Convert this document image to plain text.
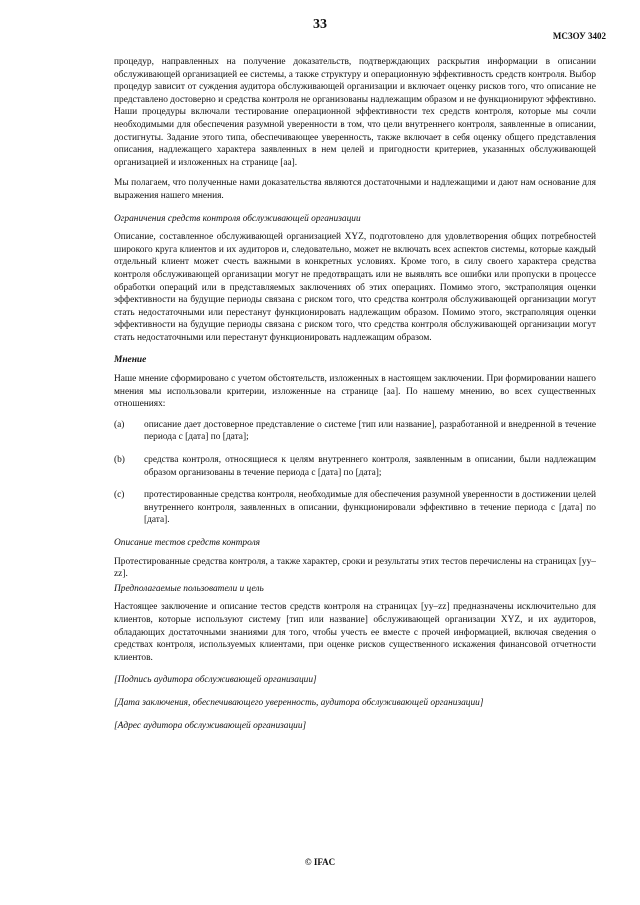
33
МСЗОУ 3402

процедур, направленных на получение доказательств, подтверждающих раскрытия информации в описании обслуживающей организацией ее системы, а также структуру и операционную эффективность средств контроля. Выбор процедур зависит от суждения аудитора обслуживающей организации и включает оценку рисков того, что описание не представлено достоверно и средства контроля не организованы надлежащим образом и не функционируют эффективно. Наши процедуры включали тестирование операционной эффективности тех средств контроля, которые мы сочли необходимыми для обеспечения разумной уверенности в том, что цели внутреннего контроля, заявленные в описании, достигнуты. Задание этого типа, обеспечивающее уверенность, также включает в себя оценку общего представления описания, надлежащего характера заявленных в нем целей и пригодности критериев, указанных обслуживающей организацией и изложенных на странице [аа].

Мы полагаем, что полученные нами доказательства являются достаточными и надлежащими и дают нам основание для выражения нашего мнения.

Ограничения средств контроля обслуживающей организации

Описание, составленное обслуживающей организацией XYZ, подготовлено для удовлетворения общих потребностей широкого круга клиентов и их аудиторов и, следовательно, может не включать всех аспектов системы, которые каждый отдельный клиент может счесть важными в конкретных условиях. Кроме того, в силу своего характера средства контроля обслуживающей организации могут не предотвращать или не выявлять все ошибки или пропуски в процессе обработки операций или в представляемых заключениях об этих операциях. Помимо этого, экстраполяция оценки эффективности на будущие периоды связана с риском того, что средства контроля обслуживающей организации могут стать недостаточными или перестанут функционировать надлежащим образом. Помимо этого, экстраполяция оценки эффективности на будущие периоды связана с риском того, что средства контроля обслуживающей организации могут стать недостаточными или перестанут функционировать надлежащим образом.

Мнение

Наше мнение сформировано с учетом обстоятельств, изложенных в настоящем заключении. При формировании нашего мнения мы использовали критерии, изложенные на странице [аа]. По нашему мнению, во всех существенных отношениях:

(a)	описание дает достоверное представление о системе [тип или название], разработанной и внедренной в течение периода с [дата] по [дата];
(b)	средства контроля, относящиеся к целям внутреннего контроля, заявленным в описании, были надлежащим образом организованы в течение периода с [дата] по [дата];
(c)	протестированные средства контроля, необходимые для обеспечения разумной уверенности в достижении целей внутреннего контроля, заявленных в описании, функционировали эффективно в течение периода с [дата] по [дата].
Описание тестов средств контроля

Протестированные средства контроля, а также характер, сроки и результаты этих тестов перечислены на страницах [yy–zz].

Предполагаемые пользователи и цель

Настоящее заключение и описание тестов средств контроля на страницах [yy–zz] предназначены исключительно для клиентов, которые используют систему [тип или название] обслуживающей организации XYZ, и их аудиторов, обладающих достаточными знаниями для того, чтобы учесть ее вместе с прочей информацией, включая сведения о средствах контроля, используемых клиентами, при оценке рисков существенного искажения финансовой отчетности клиентов.

[Подпись аудитора обслуживающей организации]
[Дата заключения, обеспечивающего уверенность, аудитора обслуживающей организации]
[Адрес аудитора обслуживающей организации]
© IFAC
